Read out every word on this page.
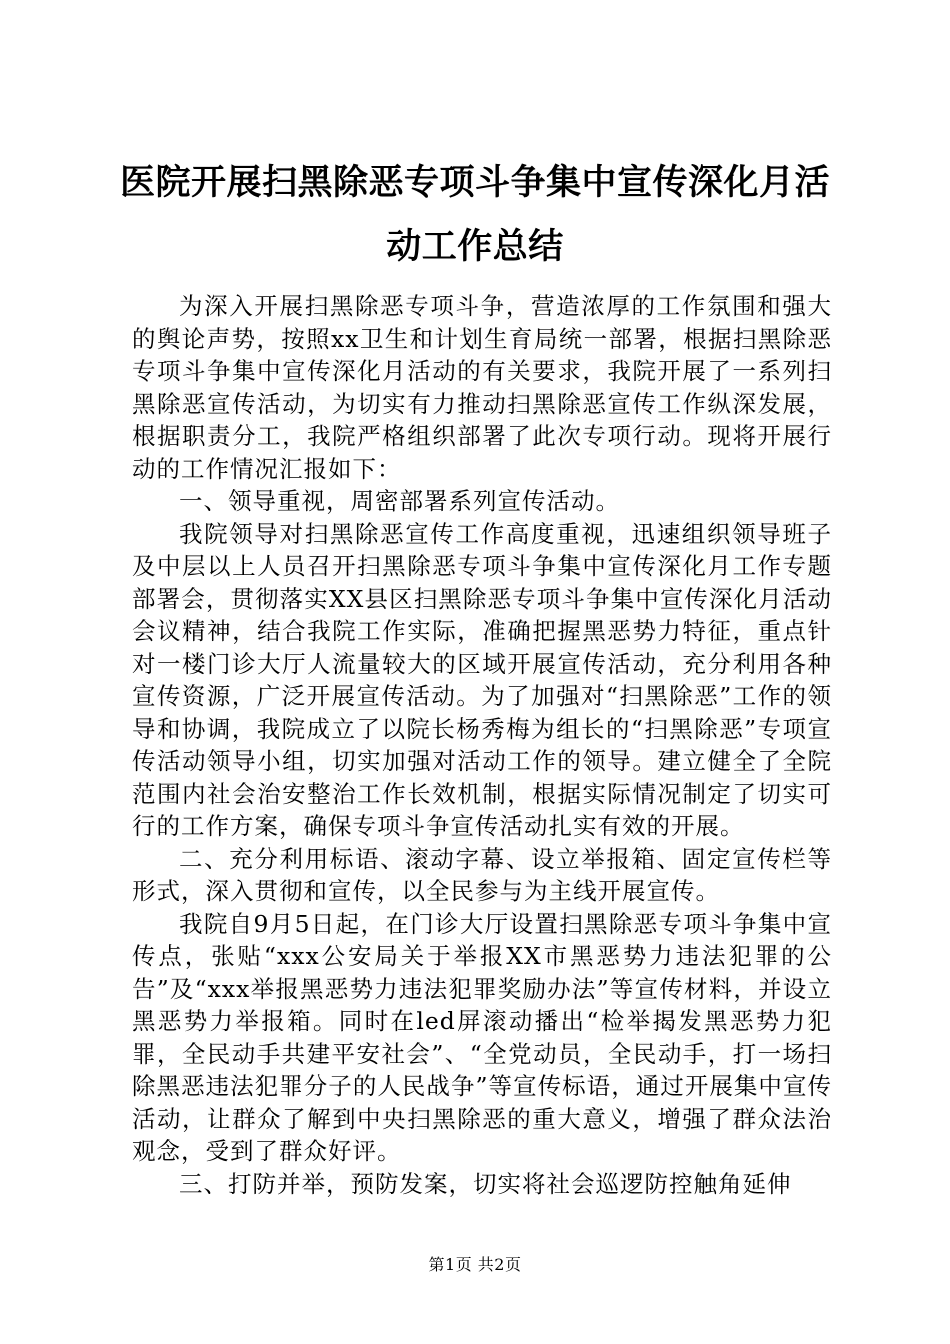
医院开展扫黑除恶专项斗争集中宣传深化月活
动工作总结

为深入开展扫黑除恶专项斗争，营造浓厚的工作氛围和强大的舆论声势，按照xx卫生和计划生育局统一部署，根据扫黑除恶专项斗争集中宣传深化月活动的有关要求，我院开展了一系列扫黑除恶宣传活动，为切实有力推动扫黑除恶宣传工作纵深发展，根据职责分工，我院严格组织部署了此次专项行动。现将开展行动的工作情况汇报如下：

一、领导重视，周密部署系列宣传活动。

我院领导对扫黑除恶宣传工作高度重视，迅速组织领导班子及中层以上人员召开扫黑除恶专项斗争集中宣传深化月工作专题部署会，贯彻落实XX县区扫黑除恶专项斗争集中宣传深化月活动会议精神，结合我院工作实际，准确把握黑恶势力特征，重点针对一楼门诊大厅人流量较大的区域开展宣传活动，充分利用各种宣传资源，广泛开展宣传活动。为了加强对“扫黑除恶”工作的领导和协调，我院成立了以院长杨秀梅为组长的“扫黑除恶”专项宣传活动领导小组，切实加强对活动工作的领导。建立健全了全院范围内社会治安整治工作长效机制，根据实际情况制定了切实可行的工作方案，确保专项斗争宣传活动扎实有效的开展。

二、充分利用标语、滚动字幕、设立举报箱、固定宣传栏等形式，深入贯彻和宣传，以全民参与为主线开展宣传。

我院自9月5日起，在门诊大厅设置扫黑除恶专项斗争集中宣传点，张贴“xxx公安局关于举报XX市黑恶势力违法犯罪的公告”及“xxx举报黑恶势力违法犯罪奖励办法”等宣传材料，并设立黑恶势力举报箱。同时在led屏滚动播出“检举揭发黑恶势力犯罪，全民动手共建平安社会”、“全党动员，全民动手，打一场扫除黑恶违法犯罪分子的人民战争”等宣传标语，通过开展集中宣传活动，让群众了解到中央扫黑除恶的重大意义，增强了群众法治观念，受到了群众好评。

三、打防并举，预防发案，切实将社会巡逻防控触角延伸

第1页 共2页
